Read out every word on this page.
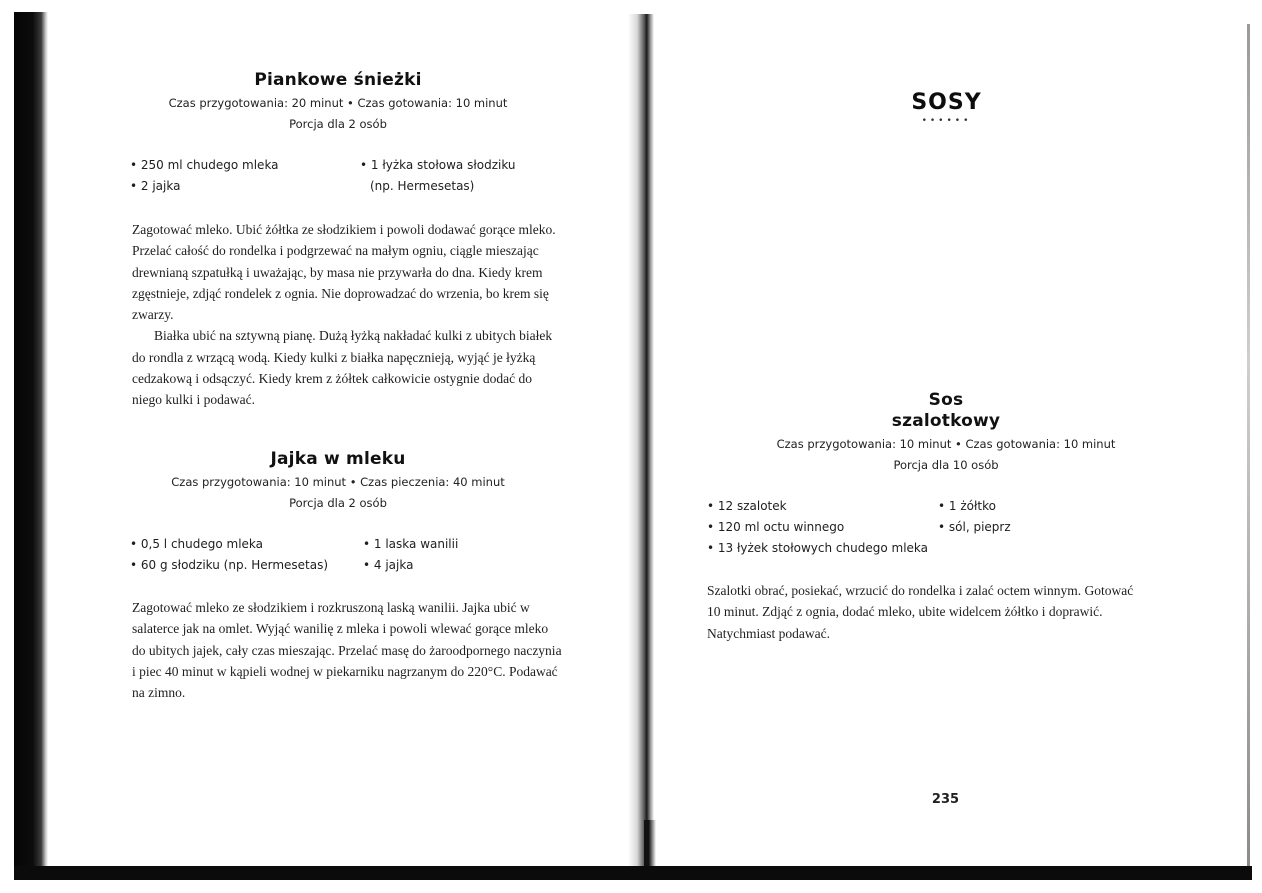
Piankowe śnieżki
Czas przygotowania: 20 minut • Czas gotowania: 10 minut
Porcja dla 2 osób
• 250 ml chudego mleka
• 2 jajka
• 1 łyżka stołowa słodziku
(np. Hermesetas)

Zagotować mleko. Ubić żółtka ze słodzikiem i powoli dodawać gorące mleko. Przelać całość do rondelka i podgrzewać na małym ogniu, ciągle mieszając drewnianą szpatułką i uważając, by masa nie przywarła do dna. Kiedy krem zgęstnieje, zdjąć rondelek z ognia. Nie doprowadzać do wrzenia, bo krem się zwarzy.

Białka ubić na sztywną pianę. Dużą łyżką nakładać kulki z ubitych białek do rondla z wrzącą wodą. Kiedy kulki z białka napęcznieją, wyjąć je łyżką cedzakową i odsączyć. Kiedy krem z żółtek całkowicie ostygnie dodać do niego kulki i podawać.

Jajka w mleku
Czas przygotowania: 10 minut • Czas pieczenia: 40 minut
Porcja dla 2 osób
• 0,5 l chudego mleka
• 60 g słodziku (np. Hermesetas)
• 1 laska wanilii
• 4 jajka

Zagotować mleko ze słodzikiem i rozkruszoną laską wanilii. Jajka ubić w salaterce jak na omlet. Wyjąć wanilię z mleka i powoli wlewać gorące mleko do ubitych jajek, cały czas mieszając. Przelać masę do żaroodpornego naczynia i piec 40 minut w kąpieli wodnej w piekarniku nagrzanym do 220°C. Podawać na zimno.

SOSY
••••••
Sos
szalotkowy
Czas przygotowania: 10 minut • Czas gotowania: 10 minut
Porcja dla 10 osób
• 12 szalotek
• 120 ml octu winnego
• 13 łyżek stołowych chudego mleka
• 1 żółtko
• sól, pieprz

Szalotki obrać, posiekać, wrzucić do rondelka i zalać octem winnym. Gotować 10 minut. Zdjąć z ognia, dodać mleko, ubite widelcem żółtko i doprawić. Natychmiast podawać.

235
